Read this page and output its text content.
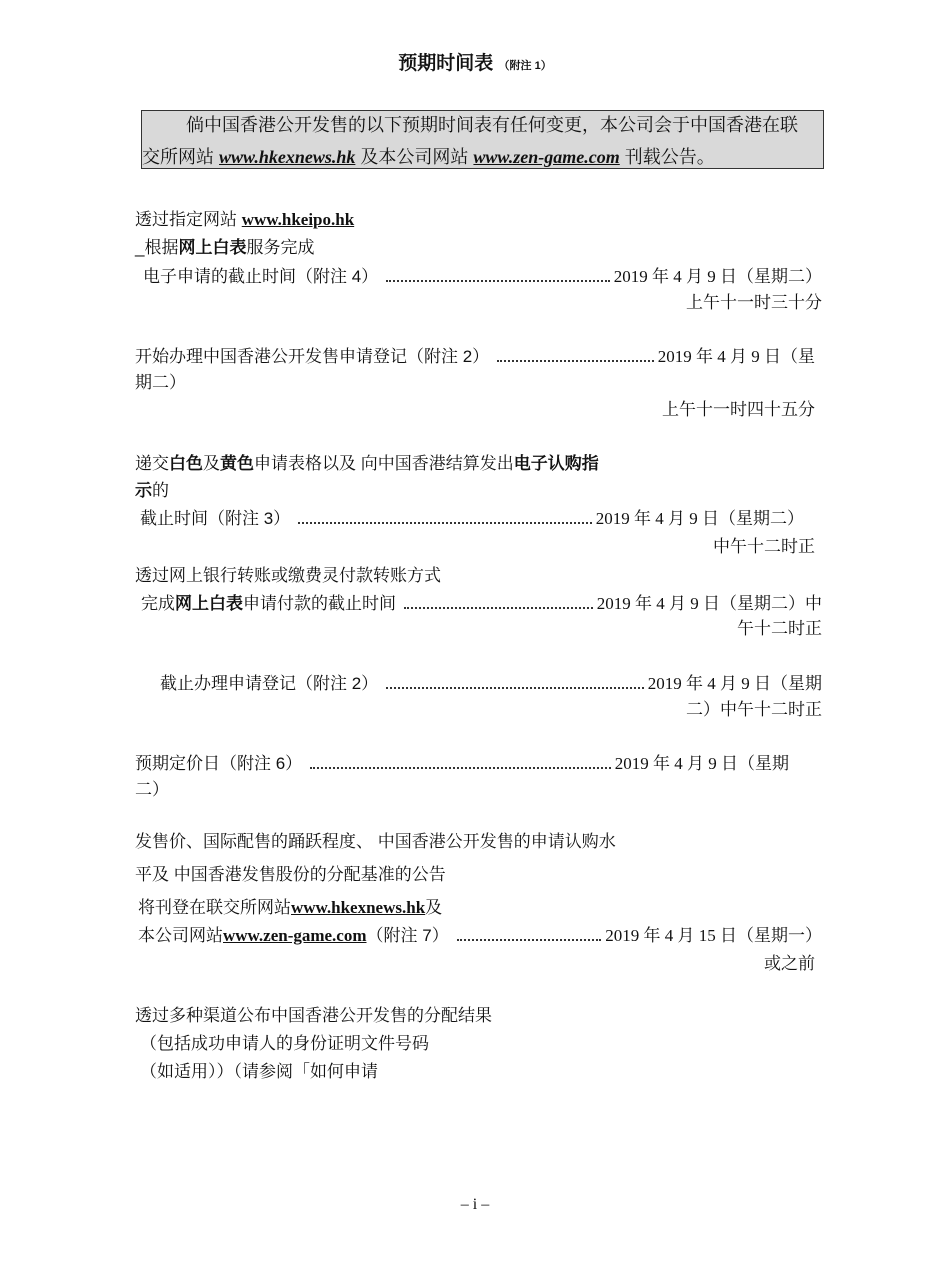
预期时间表 （附注 1）
倘中国香港公开发售的以下预期时间表有任何变更，本公司会于中国香港在联
交所网站 www.hkexnews.hk 及本公司网站 www.zen-game.com 刊载公告。
透过指定网站 www.hkeipo.hk
_根据网上白表服务完成
电子申请的截止时间（附注 4）	2019 年 4 月 9 日（星期二）
上午十一时三十分
开始办理中国香港公开发售申请登记（附注 2）	2019 年 4 月 9 日（星
期二）
上午十一时四十五分
递交白色及黄色申请表格以及 向中国香港结算发出电子认购指
示的
截止时间（附注 3）	2019 年 4 月 9 日（星期二）
中午十二时正
透过网上银行转账或缴费灵付款转账方式
完成网上白表申请付款的截止时间	2019 年 4 月 9 日（星期二）中
午十二时正
截止办理申请登记（附注 2）	2019 年 4 月 9 日（星期
二）中午十二时正
预期定价日（附注 6）	2019 年 4 月 9 日（星期
二）
发售价、国际配售的踊跃程度、 中国香港公开发售的申请认购水
平及 中国香港发售股份的分配基准的公告
将刊登在联交所网站www.hkexnews.hk及
本公司网站www.zen-game.com（附注 7）	2019 年 4 月 15 日（星期一）
或之前
透过多种渠道公布中国香港公开发售的分配结果
（包括成功申请人的身份证明文件号码
（如适用））（请参阅「如何申请
– i –
